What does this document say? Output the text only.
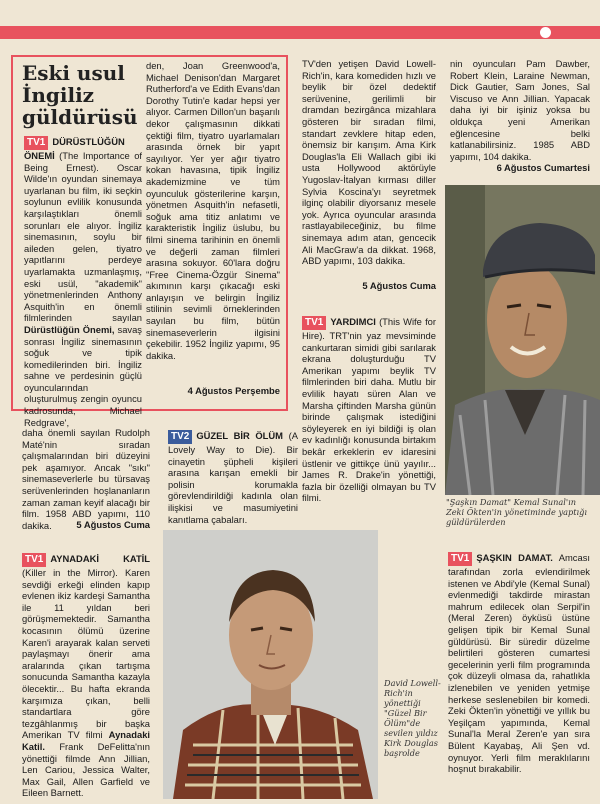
Eski usul İngiliz güldürüsü

TV1 DÜRÜSTLÜĞÜN ÖNEMİ (The Importance of Being Ernest). Oscar Wilde'ın oyundan sinemaya uyarlanan bu film, iki seçkin soylunun evlilik konusunda karşılaştıkları önemli sorunları ele alıyor. İngiliz sinemasının, soylu bir aileden gelen, tiyatro yapıtlarını perdeye uyarlamakta uzmanlaşmış, eski usül, "akademik" yönetmenlerinden Anthony Asquith'in en önemli filmlerinden sayılan Dürüstlüğün Önemi, savaş sonrası İngiliz sinemasının soğuk ve tipik komedilerinden biri. İngiliz sahne ve perdesinin güçlü oyuncularından oluşturulmuş zengin oyuncu kadrosunda, Michael Redgrave',

den, Joan Greenwood'a, Michael Denison'dan Margaret Rutherford'a ve Edith Evans'dan Dorothy Tutin'e kadar hepsi yer alıyor. Carmen Dillon'un başarılı dekor çalışmasının dikkati çektiği film, tiyatro uyarlamaları arasında örnek bir yapıt sayılıyor. Yer yer ağır tiyatro kokan havasına, tipik İngiliz akademizmine ve tüm oyunculuk gösterilerine karşın, yönetmen Asquith'in nefasetli, soğuk ama titiz anlatımı ve karakteristik İngiliz üslubu, bu filmi sinema tarihinin en önemli ve değerli zaman filmleri arasına sokuyor. 60'lara doğru "Free Cinema-Özgür Sinema" akımının karşı çıkacağı eski anlayışın ve belirgin İngiliz stilinin sevimli örneklerinden sayılan bu film, bütün sinemaseverlerin ilgisini çekebilir. 1952 İngiliz yapımı, 95 dakika.

4 Ağustos Perşembe

daha önemli sayılan Rudolph Maté'nin sıradan çalışmalarından biri düzeyini pek aşamıyor. Ancak "sıkı" sinemaseverlerle bu türsavaş serüvenlerinden hoşlananların zaman zaman keyif alacağı bir film. 1958 ABD yapımı, 110 dakika.	5 Ağustos Cuma

TV1 AYNADAKİ KATİL (Killer in the Mirror). Karen sevdiği erkeği elinden kapıp evlenen ikiz kardeşi Samantha ile 11 yıldan beri görüşmemektedir. Samantha kocasının ölümü üzerine Karen'i arayarak kalan serveti paylaşmayı önerir ama aralarında çıkan tartışma sonucunda Samantha kazayla ölecektir... Bu hafta ekranda karşımıza çıkan, belli standartlara göre tezgâhlanmış bir başka Amerikan TV filmi Aynadaki Katil. Frank DeFelitta'nın yönettiği filmde Ann Jillian, Len Cariou, Jessica Walter, Max Gail, Allen Garfield ve Eileen Barnett.

TV'den yetişen David Lowell-Rich'in, kara komediden hızlı ve beylik bir özel dedektif serüvenine, gerilimli bir dramdan bezirgânca mizahlara gösteren bir sıradan filmi, standart zevklere hitap eden, önemsiz bir karışım. Ama Kirk Douglas'la Eli Wallach gibi iki usta Hollywood aktörüyle Yugoslav-İtalyan kırması diller Sylvia Koscina'yı seyretmek ilginç olabilir diyorsanız mesele yok. Ayrıca oyuncular arasında rastlayabileceğiniz, bu filme sinemaya adım atan, gencecik Ali MacGraw'a da dikkat. 1968, ABD yapımı, 103 dakika.

5 Ağustos Cuma

TV1 YARDIMCI (This Wife for Hire). TRT'nin yaz mevsiminde cankurtaran simidi gibi sarılarak ekrana doluşturduğu TV Amerikan yapımı beylik TV filmlerinden biri daha. Mutlu bir evlilik hayatı süren Alan ve Marsha çiftinden Marsha günün birinde çalışmak istediğini söyleyerek en iyi bildiği iş olan ev kadınlığı konusunda birtakım bekâr erkeklerin ev idaresini üstlenir ve gittikçe ünü yayılır... James R. Drake'in yönettiği, fazla bir özelliği olmayan bu TV filmi.

TV2 GÜZEL BİR ÖLÜM (A Lovely Way to Die). Bir cinayetin şüpheli kişileri arasına karışan emekli bir polisin korumakla görevlendirildiği kadınla olan ilişkisi ve masumiyetini kanıtlama çabaları.

David Lowell-Rich'in yönettiği "Güzel Bir Ölüm"de sevilen yıldız Kirk Douglas başrolde

nin oyuncuları Pam Dawber, Robert Klein, Laraine Newman, Dick Gautier, Sam Jones, Sal Viscuso ve Ann Jillian. Yapacak daha iyi bir işiniz yoksa bu oldukça yeni Amerikan eğlencesine belki katlanabilirsiniz. 1985 ABD yapımı, 104 dakika.

6 Ağustos Cumartesi
"Şaşkın Damat" Kemal Sunal'ın Zeki Ökten'in yönetiminde yaptığı güldürülerden

TV1 ŞAŞKIN DAMAT. Amcası tarafından zorla evlendirilmek istenen ve Abdi'yle (Kemal Sunal) evlenmediği takdirde mirastan mahrum edilecek olan Serpil'in (Meral Zeren) öyküsü üstüne gelişen tipik bir Kemal Sunal güldürüsü. Bir süredir düzelme belirtileri gösteren cumartesi gecelerinin yerli film programında çok düzeyli olmasa da, rahatlıkla izlenebilen ve yeniden yetmişe herkese seslenebilen bir komedi. Zeki Ökten'in yönettiği ve yıllık bu Yeşilçam yapımında, Kemal Sunal'la Meral Zeren'e yan sıra Bülent Kayabaş, Ali Şen vd. oynuyor. Yerli film meraklılarını hoşnut bırakabilir.
